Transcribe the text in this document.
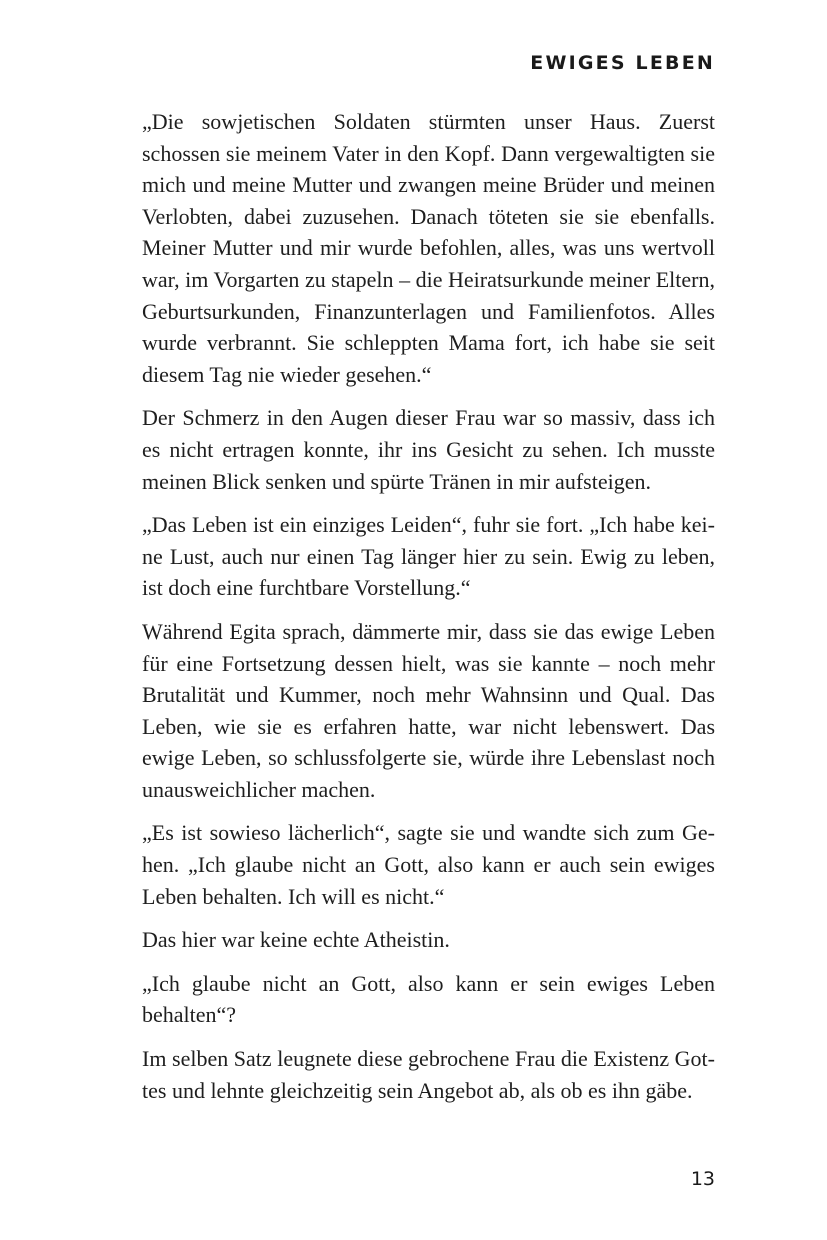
EWIGES LEBEN

„Die sowjetischen Soldaten stürmten unser Haus. Zuerst schossen sie meinem Vater in den Kopf. Dann vergewaltigten sie mich und meine Mutter und zwangen meine Brüder und meinen Verlobten, dabei zuzusehen. Danach töteten sie sie ebenfalls. Meiner Mutter und mir wurde befohlen, alles, was uns wertvoll war, im Vorgarten zu stapeln – die Heiratsurkunde meiner Eltern, Geburtsurkunden, Finanzunterlagen und Familienfotos. Alles wurde verbrannt. Sie schleppten Mama fort, ich habe sie seit diesem Tag nie wieder gesehen.“

Der Schmerz in den Augen dieser Frau war so massiv, dass ich es nicht ertragen konnte, ihr ins Gesicht zu sehen. Ich musste meinen Blick senken und spürte Tränen in mir aufsteigen.

„Das Leben ist ein einziges Leiden“, fuhr sie fort. „Ich habe keine Lust, auch nur einen Tag länger hier zu sein. Ewig zu leben, ist doch eine furchtbare Vorstellung.“

Während Egita sprach, dämmerte mir, dass sie das ewige Leben für eine Fortsetzung dessen hielt, was sie kannte – noch mehr Brutalität und Kummer, noch mehr Wahnsinn und Qual. Das Leben, wie sie es erfahren hatte, war nicht lebenswert. Das ewige Leben, so schlussfolgerte sie, würde ihre Lebenslast noch unausweichlicher machen.

„Es ist sowieso lächerlich“, sagte sie und wandte sich zum Gehen. „Ich glaube nicht an Gott, also kann er auch sein ewiges Leben behalten. Ich will es nicht.“

Das hier war keine echte Atheistin.

„Ich glaube nicht an Gott, also kann er sein ewiges Leben behalten“?

Im selben Satz leugnete diese gebrochene Frau die Existenz Gottes und lehnte gleichzeitig sein Angebot ab, als ob es ihn gäbe.

13
